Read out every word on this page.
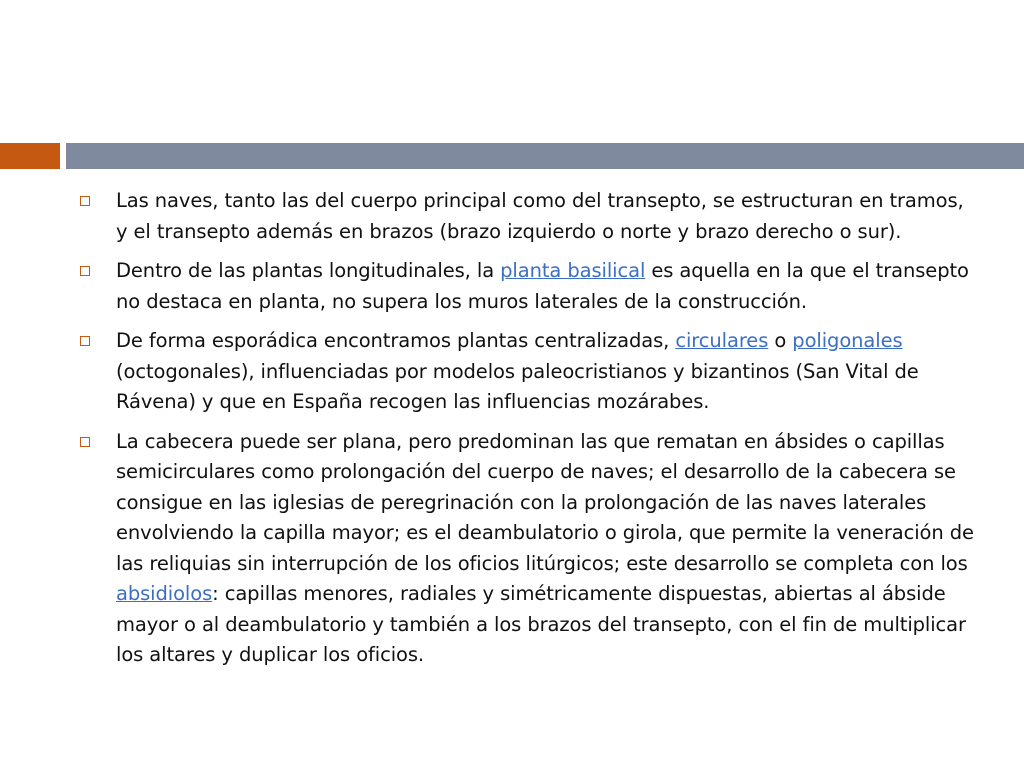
Las naves, tanto las del cuerpo principal como del transepto, se estructuran en tramos, y el transepto además en brazos (brazo izquierdo o norte y brazo derecho o sur).
Dentro de las plantas longitudinales, la planta basilical es aquella en la que el transepto no destaca en planta, no supera los muros laterales de la construcción.
De forma esporádica encontramos plantas centralizadas, circulares o poligonales (octogonales), influenciadas por modelos paleocristianos y bizantinos (San Vital de Rávena) y que en España recogen las influencias mozárabes.
La cabecera puede ser plana, pero predominan las que rematan en ábsides o capillas semicirculares como prolongación del cuerpo de naves; el desarrollo de la cabecera se consigue en las iglesias de peregrinación con la prolongación de las naves laterales envolviendo la capilla mayor; es el deambulatorio o girola, que permite la veneración de las reliquias sin interrupción de los oficios litúrgicos; este desarrollo se completa con los absidiolos: capillas menores, radiales y simétricamente dispuestas, abiertas al ábside mayor o al deambulatorio y también a los brazos del transepto, con el fin de multiplicar los altares y duplicar los oficios.
